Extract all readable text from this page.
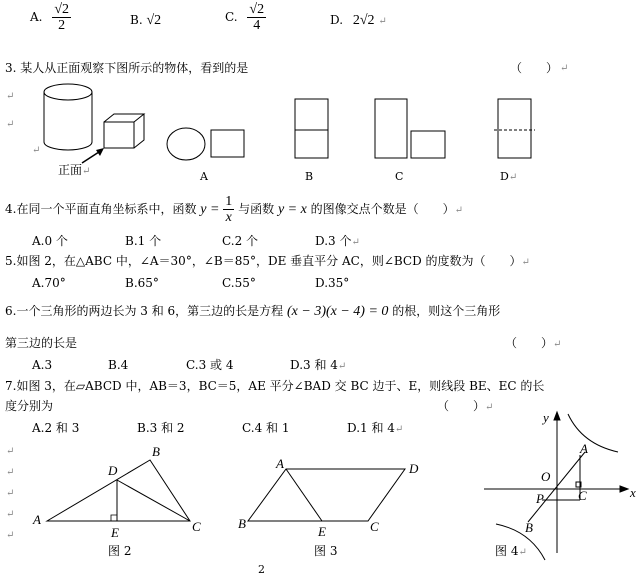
A. $\frac{√2}{2}$	B. √2	C. $\frac{√2}{4}$	D. 2√2 ↵
3. 某人从正面观察下图所示的物体，看到的是	（　　） ↵
↵
↵
正面↵
↵
A	B	C	D↵
4.在同一个平面直角坐标系中，函数 $y = \frac{1}{x}$ 与函数 y = x 的图像交点个数是（　　）↵
A.0 个	B.1 个	C.2 个	D.3 个↵
5.如图 2，在△ABC 中，∠A＝30°，∠B＝85°，DE 垂直平分 AC，则∠BCD 的度数为（　　）↵
A.70°	B.65°	C.55°	D.35°
6.一个三角形的两边长为 3 和 6，第三边的长是方程 (x − 3)(x − 4) = 0 的根，则这个三角形
第三边的长是	（　　）↵
A.3	B.4	C.3 或 4	D.3 和 4↵
7.如图 3，在▱ABCD 中，AB＝3，BC＝5，AE 平分∠BAD 交 BC 边于、E，则线段 BE、EC 的长
度分别为	（　　）↵
A.2 和 3	B.3 和 2	C.4 和 1	D.1 和 4↵
↵
↵
↵
↵
↵
A
B
C
D
E
A
B	C
D
E
A
B
C
O
P	x
y
图 2	图 3	图 4↵
2
